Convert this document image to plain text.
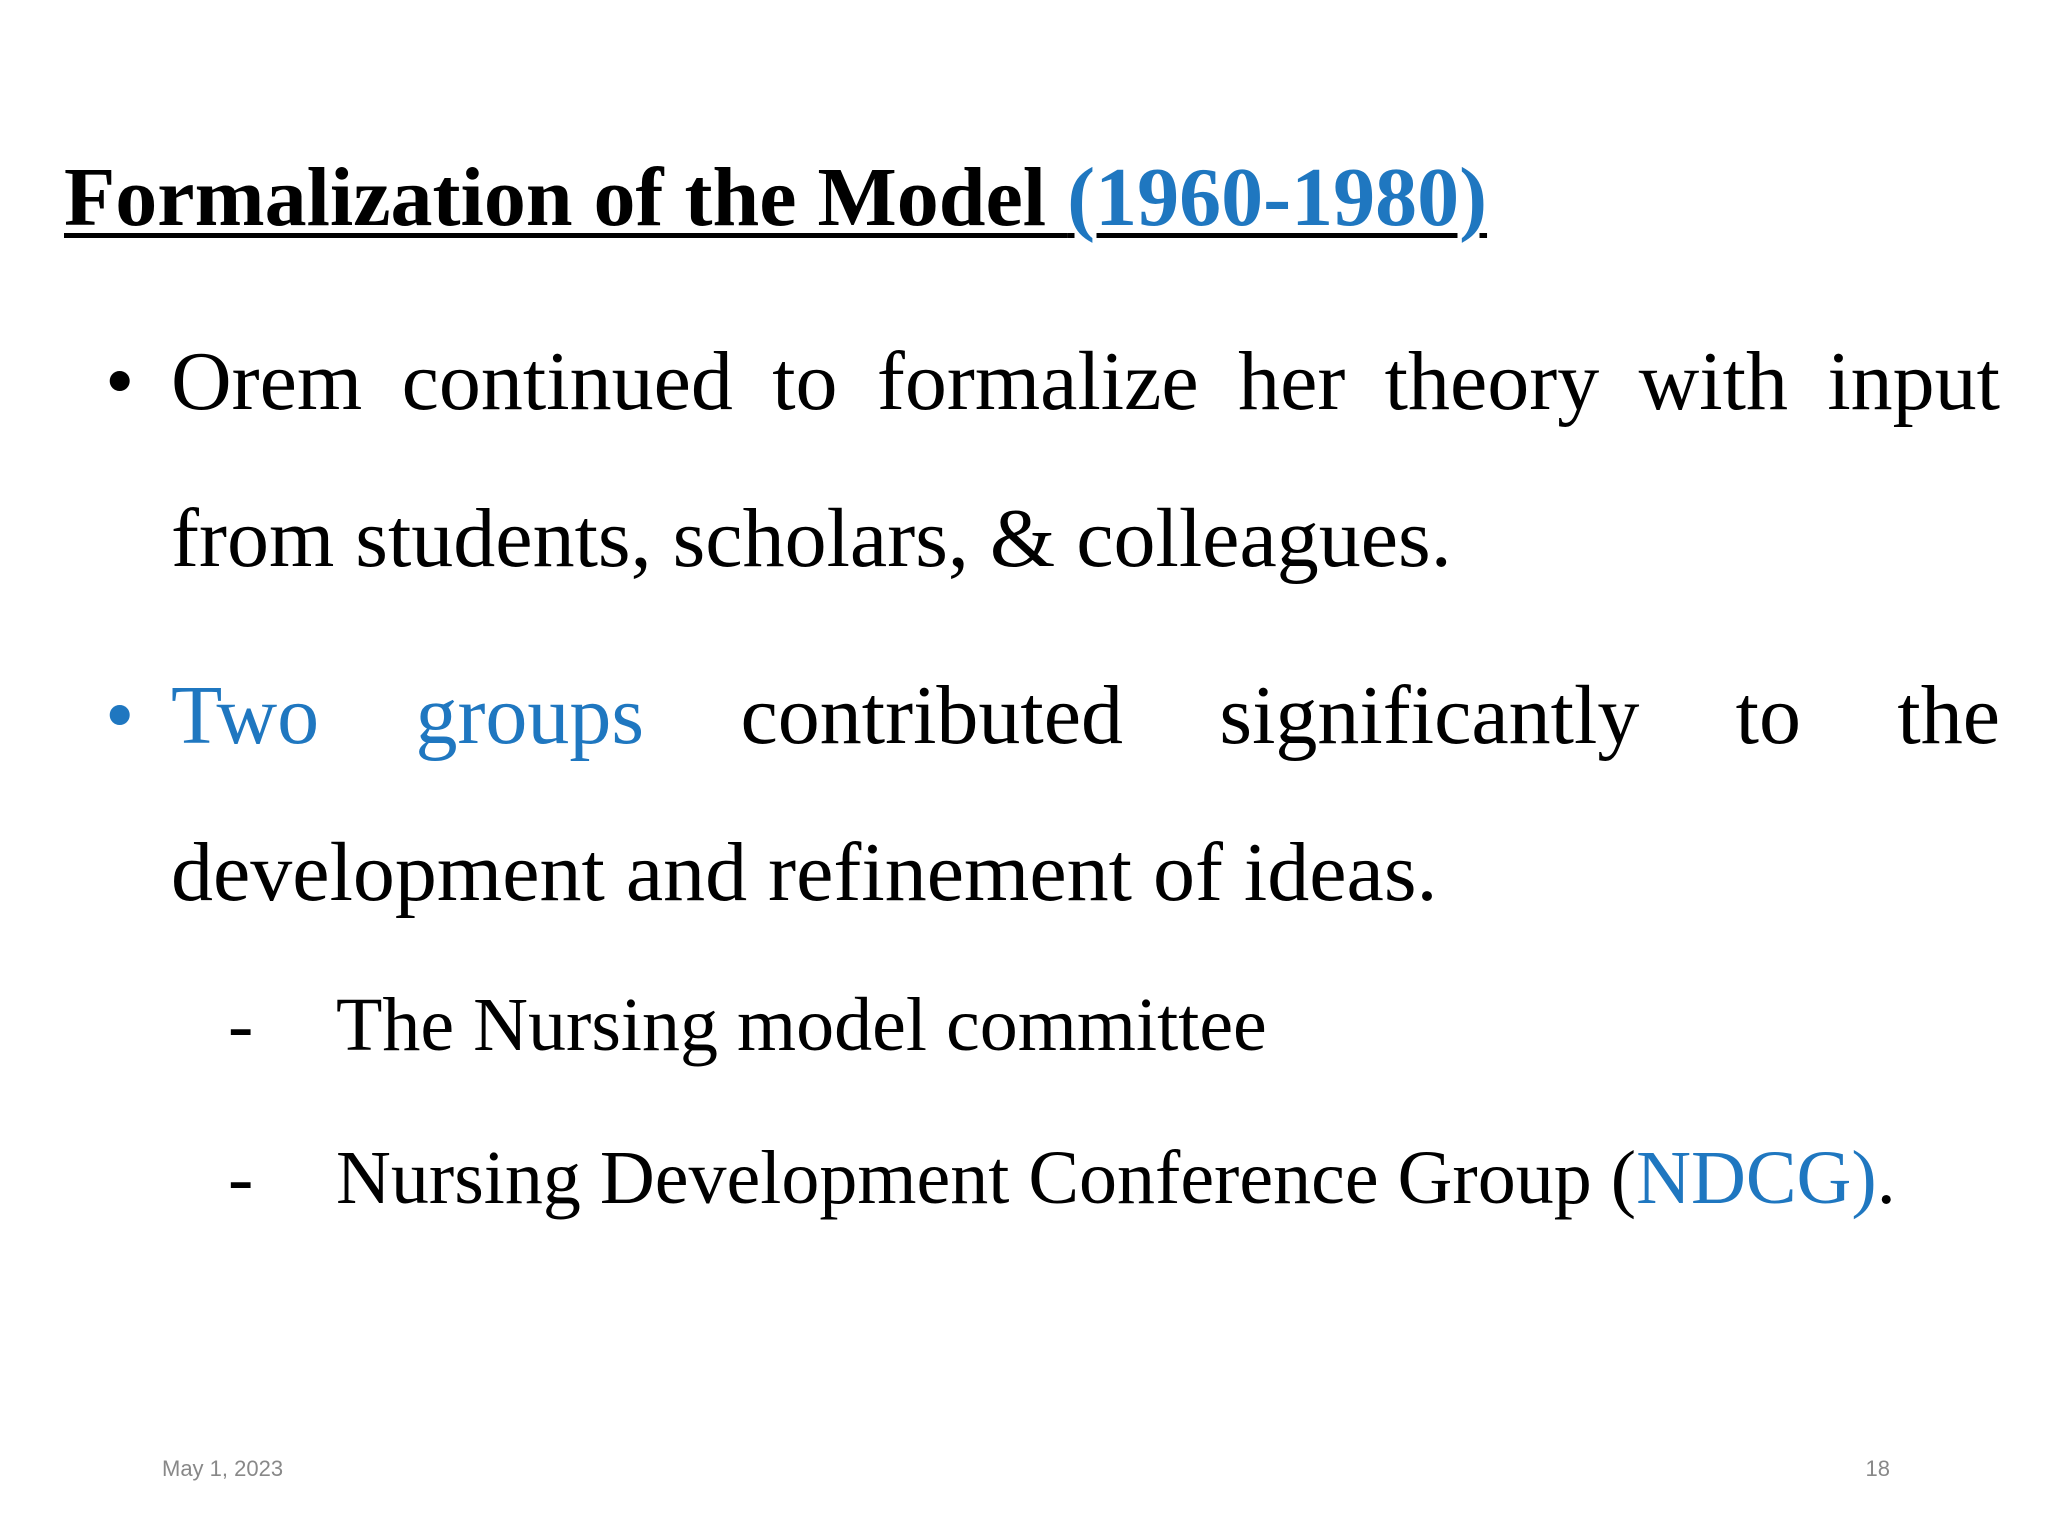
Formalization of the Model (1960-1980)
• Orem continued to formalize her theory with input from students, scholars, & colleagues.
• Two groups contributed significantly to the development and refinement of ideas.
- The Nursing model committee
- Nursing Development Conference Group (NDCG).
May 1, 2023	18
